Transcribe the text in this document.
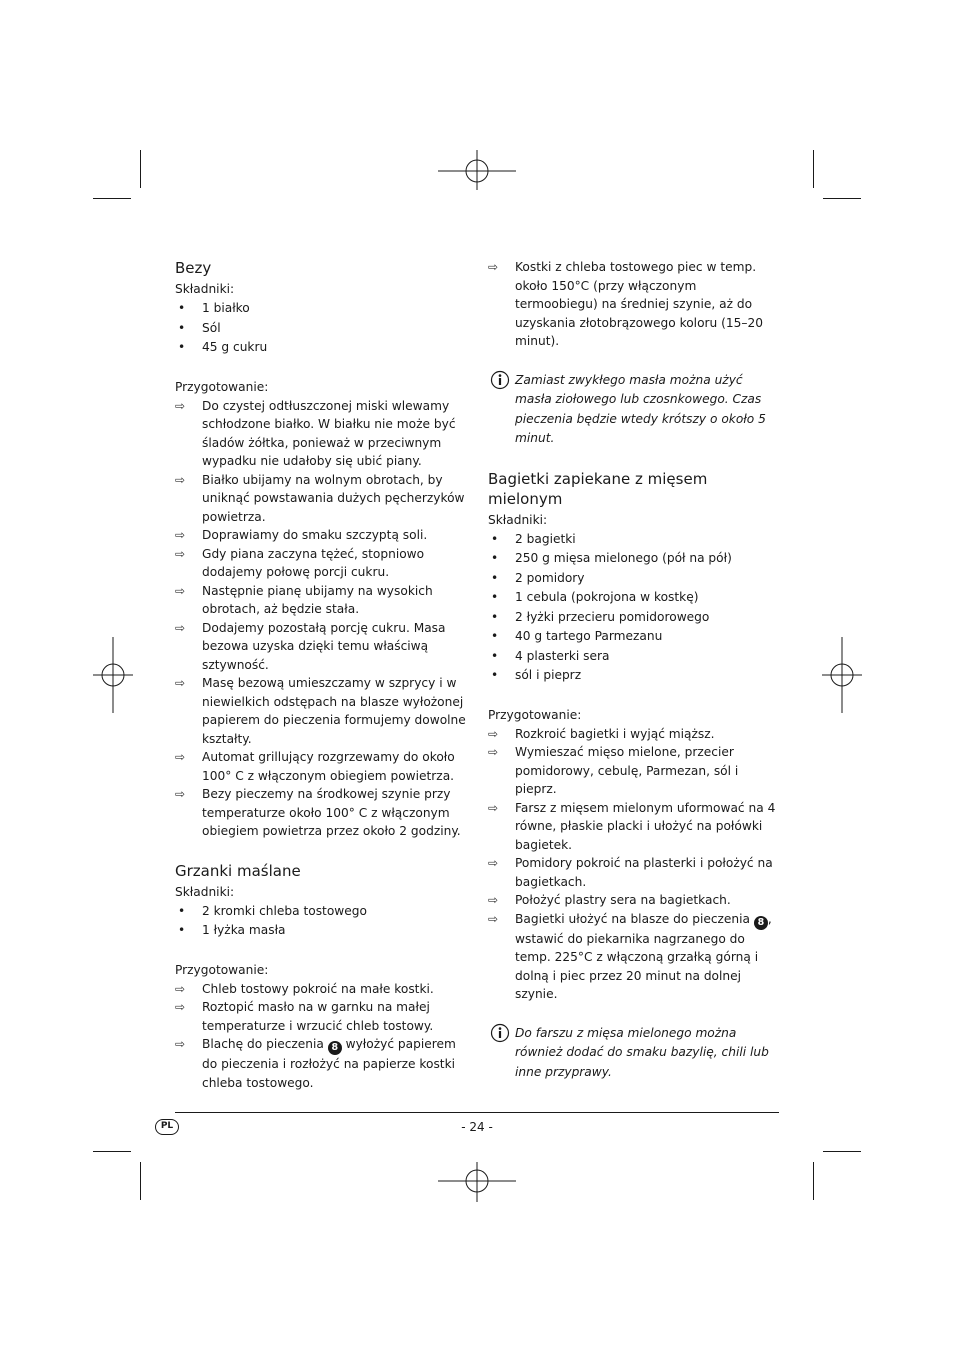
Bezy

Składniki:

• 1 białko
• Sól
• 45 g cukru

Przygotowanie:

⇨ Do czystej odtłuszczonej miski wlewamy schłodzone białko. W białku nie może być śladów żółtka, ponieważ w przeciwnym wypadku nie udałoby się ubić piany.
⇨ Białko ubijamy na wolnym obrotach, by uniknąć powstawania dużych pęcherzyków powietrza.
⇨ Doprawiamy do smaku szczyptą soli.
⇨ Gdy piana zaczyna tężeć, stopniowo dodajemy połowę porcji cukru.
⇨ Następnie pianę ubijamy na wysokich obrotach, aż będzie stała.
⇨ Dodajemy pozostałą porcję cukru. Masa bezowa uzyska dzięki temu właściwą sztywność.
⇨ Masę bezową umieszczamy w szprycy i w niewielkich odstępach na blasze wyłożonej papierem do pieczenia formujemy dowolne kształty.
⇨ Automat grillujący rozgrzewamy do około 100° C z włączonym obiegiem powietrza.
⇨ Bezy pieczemy na środkowej szynie przy temperaturze około 100° C z włączonym obiegiem powietrza przez około 2 godziny.
Grzanki maślane

Składniki:

• 2 kromki chleba tostowego
• 1 łyżka masła

Przygotowanie:

⇨ Chleb tostowy pokroić na małe kostki.
⇨ Roztopić masło na w garnku na małej temperaturze i wrzucić chleb tostowy.
⇨ Blachę do pieczenia 8 wyłożyć papierem do pieczenia i rozłożyć na papierze kostki chleba tostowego.
⇨ Kostki z chleba tostowego piec w temp. około 150°C (przy włączonym termoobiegu) na średniej szynie, aż do uzyskania złotobrązowego koloru (15–20 minut).
Zamiast zwykłego masła można użyć masła ziołowego lub czosnkowego. Czas pieczenia będzie wtedy krótszy o około 5 minut.
Bagietki zapiekane z mięsem mielonym

Składniki:

• 2 bagietki
• 250 g mięsa mielonego (pół na pół)
• 2 pomidory
• 1 cebula (pokrojona w kostkę)
• 2 łyżki przecieru pomidorowego
• 40 g tartego Parmezanu
• 4 plasterki sera
• sól i pieprz

Przygotowanie:

⇨ Rozkroić bagietki i wyjąć miąższ.
⇨ Wymieszać mięso mielone, przecier pomidorowy, cebulę, Parmezan, sól i pieprz.
⇨ Farsz z mięsem mielonym uformować na 4 równe, płaskie placki i ułożyć na połówki bagietek.
⇨ Pomidory pokroić na plasterki i położyć na bagietkach.
⇨ Położyć plastry sera na bagietkach.
⇨ Bagietki ułożyć na blasze do pieczenia 8 , wstawić do piekarnika nagrzanego do temp. 225°C z włączoną grzałką górną i dolną i piec przez 20 minut na dolnej szynie.
Do farszu z mięsa mielonego można również dodać do smaku bazylię, chili lub inne przyprawy.
PL	- 24 -
